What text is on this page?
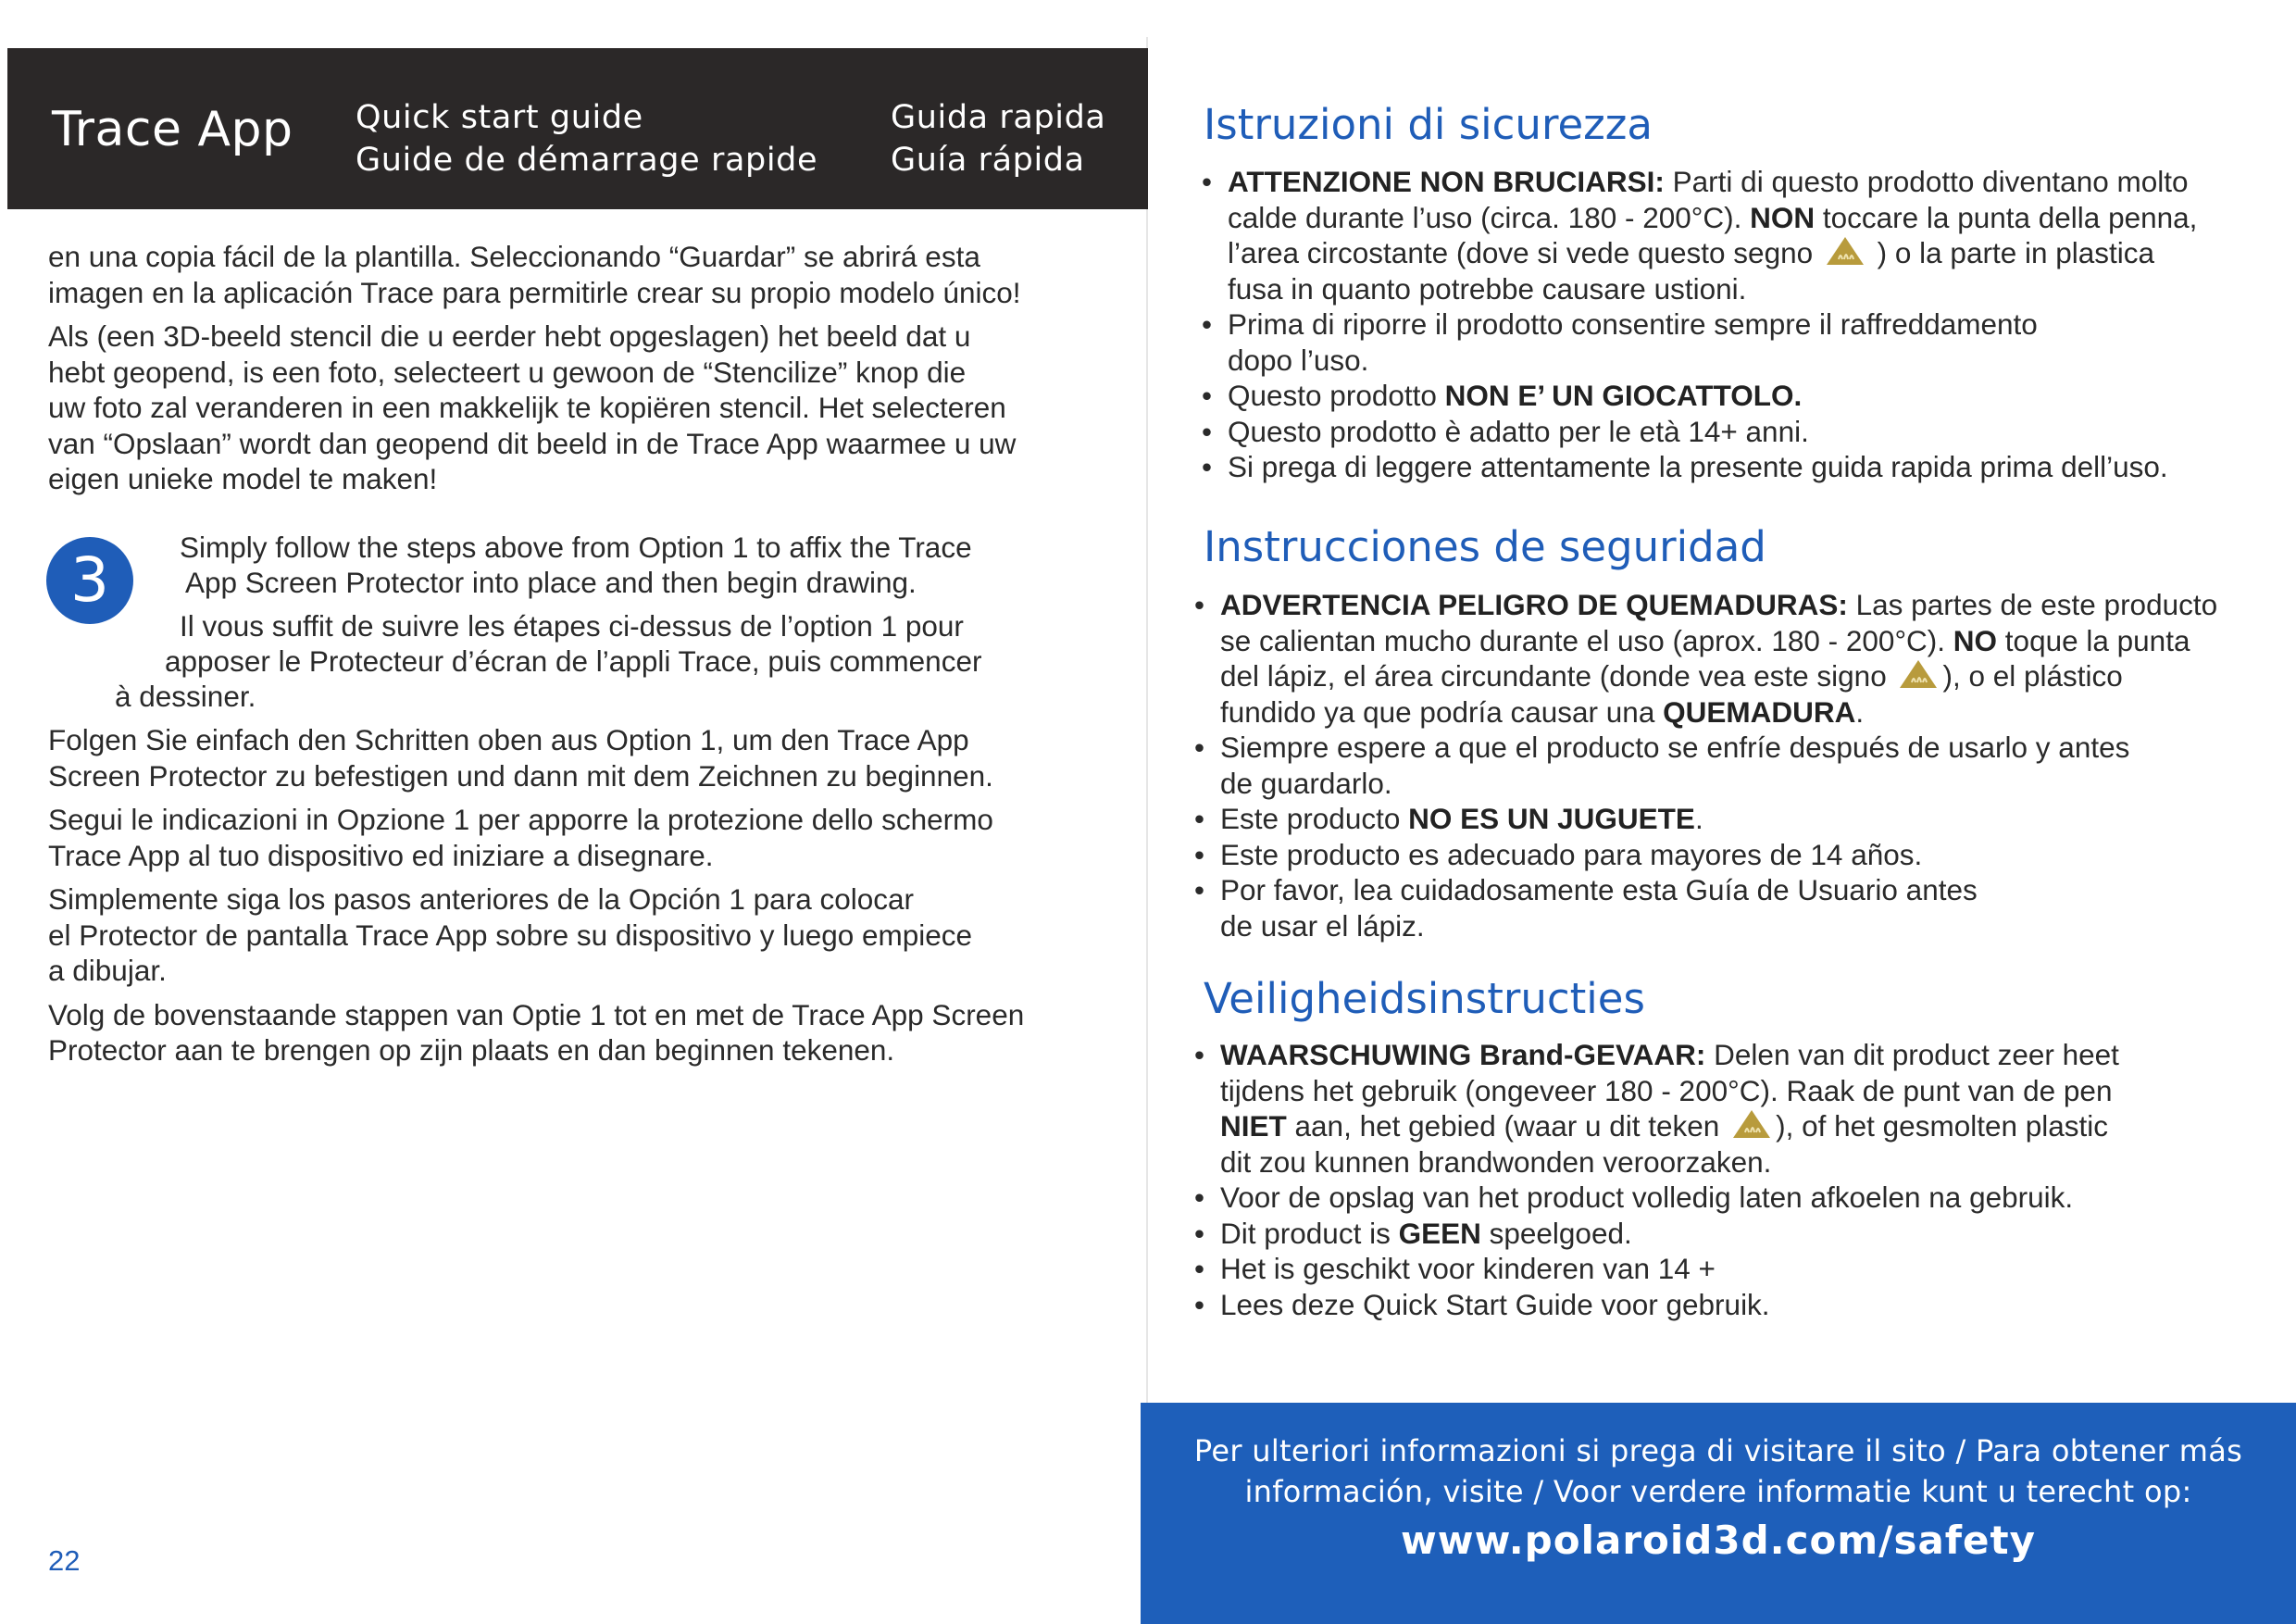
Trace App Quick start guide
Guide de démarrage rapide
Guida rapida
Guía rápida

en una copia fácil de la plantilla. Seleccionando “Guardar” se abrirá esta
imagen en la aplicación Trace para permitirle crear su propio modelo único!

Als (een 3D-beeld stencil die u eerder hebt opgeslagen) het beeld dat u
hebt geopend, is een foto, selecteert u gewoon de “Stencilize” knop die
uw foto zal veranderen in een makkelijk te kopiëren stencil. Het selecteren
van “Opslaan” wordt dan geopend dit beeld in de Trace App waarmee u uw
eigen unieke model te maken!

3	Simply follow the steps above from Option 1 to affix the Trace
App Screen Protector into place and then begin drawing.
Il vous suffit de suivre les étapes ci-dessus de l’option 1 pour
apposer le Protecteur d’écran de l’appli Trace, puis commencer
à dessiner.

Folgen Sie einfach den Schritten oben aus Option 1, um den Trace App
Screen Protector zu befestigen und dann mit dem Zeichnen zu beginnen.

Segui le indicazioni in Opzione 1 per apporre la protezione dello schermo
Trace App al tuo dispositivo ed iniziare a disegnare.

Simplemente siga los pasos anteriores de la Opción 1 para colocar
el Protector de pantalla Trace App sobre su dispositivo y luego empiece
a dibujar.

Volg de bovenstaande stappen van Optie 1 tot en met de Trace App Screen
Protector aan te brengen op zijn plaats en dan beginnen tekenen.

22
Istruzioni di sicurezza
• ATTENZIONE NON BRUCIARSI: Parti di questo prodotto diventano molto
calde durante l’uso (circa. 180 - 200°C). NON toccare la punta della penna,
l’area circostante (dove si vede questo segno ) o la parte in plastica
fusa in quanto potrebbe causare ustioni.
• Prima di riporre il prodotto consentire sempre il raffreddamento
dopo l’uso.
• Questo prodotto NON E’ UN GIOCATTOLO.
• Questo prodotto è adatto per le età 14+ anni.
• Si prega di leggere attentamente la presente guida rapida prima dell’uso.
Instrucciones de seguridad
• ADVERTENCIA PELIGRO DE QUEMADURAS: Las partes de este producto
se calientan mucho durante el uso (aprox. 180 - 200°C). NO toque la punta
del lápiz, el área circundante (donde vea este signo ), o el plástico
fundido ya que podría causar una QUEMADURA.
• Siempre espere a que el producto se enfríe después de usarlo y antes
de guardarlo.
• Este producto NO ES UN JUGUETE.
• Este producto es adecuado para mayores de 14 años.
• Por favor, lea cuidadosamente esta Guía de Usuario antes
de usar el lápiz.
Veiligheidsinstructies
• WAARSCHUWING Brand-GEVAAR: Delen van dit product zeer heet
tijdens het gebruik (ongeveer 180 - 200°C). Raak de punt van de pen
NIET aan, het gebied (waar u dit teken ), of het gesmolten plastic
dit zou kunnen brandwonden veroorzaken.
• Voor de opslag van het product volledig laten afkoelen na gebruik.
• Dit product is GEEN speelgoed.
• Het is geschikt voor kinderen van 14 +
• Lees deze Quick Start Guide voor gebruik.
Per ulteriori informazioni si prega di visitare il sito / Para obtener más
información, visite / Voor verdere informatie kunt u terecht op:
www.polaroid3d.com/safety
